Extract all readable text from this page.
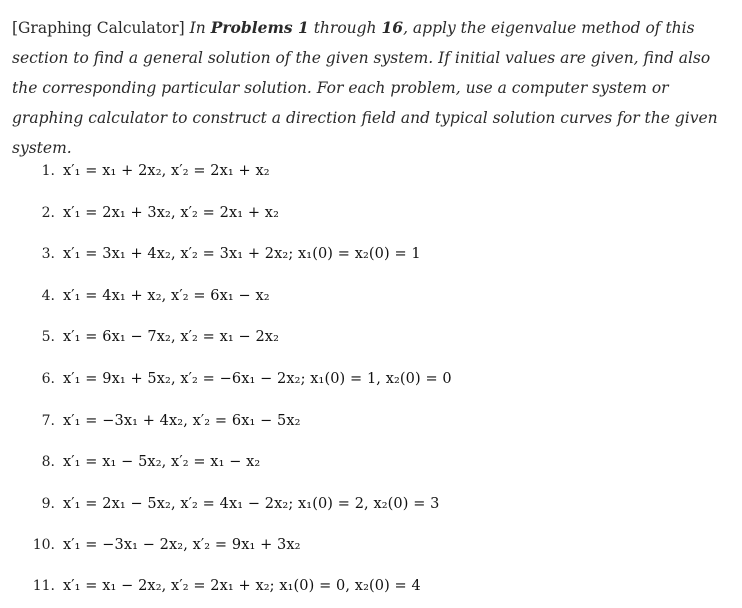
[Graphing Calculator] In Problems 1 through 16, apply the eigenvalue method of this section to find a general solution of the given system. If initial values are given, find also the corresponding particular solution. For each problem, use a computer system or graphing calculator to construct a direction field and typical solution curves for the given system.

1. x′₁ = x₁ + 2x₂, x′₂ = 2x₁ + x₂
2. x′₁ = 2x₁ + 3x₂, x′₂ = 2x₁ + x₂
3. x′₁ = 3x₁ + 4x₂, x′₂ = 3x₁ + 2x₂; x₁(0) = x₂(0) = 1
4. x′₁ = 4x₁ + x₂, x′₂ = 6x₁ − x₂
5. x′₁ = 6x₁ − 7x₂, x′₂ = x₁ − 2x₂
6. x′₁ = 9x₁ + 5x₂, x′₂ = −6x₁ − 2x₂; x₁(0) = 1, x₂(0) = 0
7. x′₁ = −3x₁ + 4x₂, x′₂ = 6x₁ − 5x₂
8. x′₁ = x₁ − 5x₂, x′₂ = x₁ − x₂
9. x′₁ = 2x₁ − 5x₂, x′₂ = 4x₁ − 2x₂; x₁(0) = 2, x₂(0) = 3
10. x′₁ = −3x₁ − 2x₂, x′₂ = 9x₁ + 3x₂
11. x′₁ = x₁ − 2x₂, x′₂ = 2x₁ + x₂; x₁(0) = 0, x₂(0) = 4
